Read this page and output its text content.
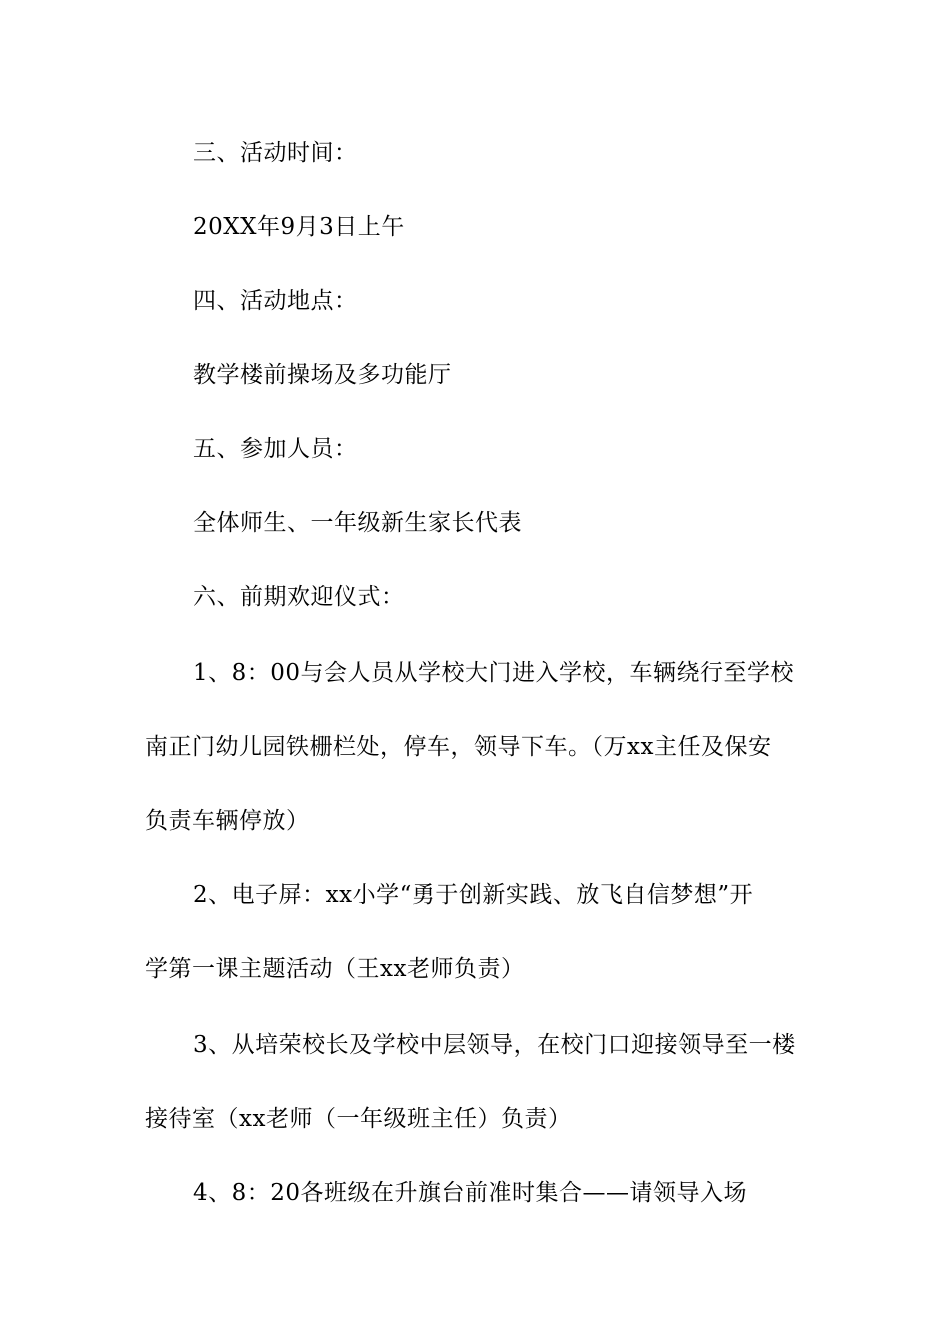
三、活动时间：
20XX年9月3日上午
四、活动地点：
教学楼前操场及多功能厅
五、参加人员：
全体师生、一年级新生家长代表
六、前期欢迎仪式：
1、8：00与会人员从学校大门进入学校，车辆绕行至学校
南正门幼儿园铁栅栏处，停车，领导下车。（万xx主任及保安
负责车辆停放）
2、电子屏：xx小学“勇于创新实践、放飞自信梦想”开
学第一课主题活动（王xx老师负责）
3、从培荣校长及学校中层领导，在校门口迎接领导至一楼
接待室（xx老师（一年级班主任）负责）
4、8：20各班级在升旗台前准时集合——请领导入场
